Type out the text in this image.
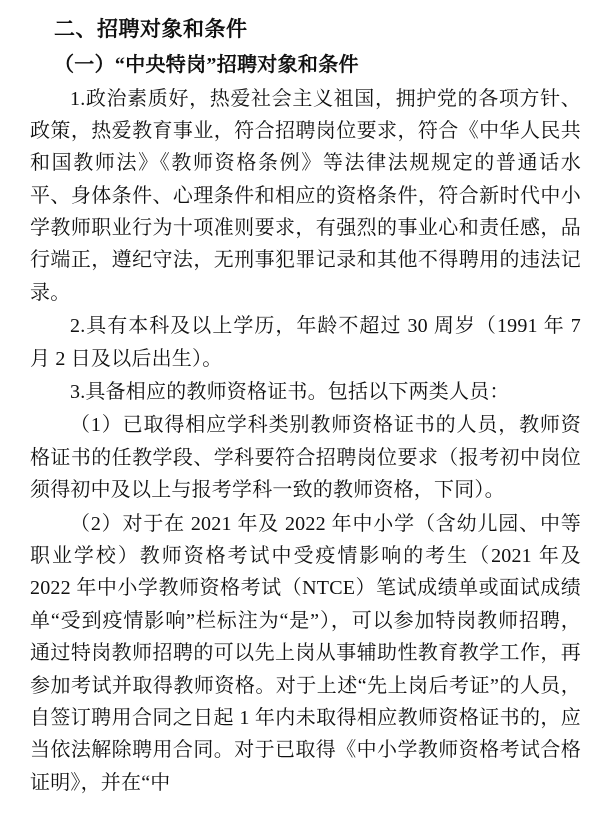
二、招聘对象和条件
（一）“中央特岗”招聘对象和条件

1.政治素质好，热爱社会主义祖国，拥护党的各项方针、政策，热爱教育事业，符合招聘岗位要求，符合《中华人民共和国教师法》《教师资格条例》等法律法规规定的普通话水平、身体条件、心理条件和相应的资格条件，符合新时代中小学教师职业行为十项准则要求，有强烈的事业心和责任感，品行端正，遵纪守法，无刑事犯罪记录和其他不得聘用的违法记录。

2.具有本科及以上学历，年龄不超过 30 周岁（1991 年 7 月 2 日及以后出生）。

3.具备相应的教师资格证书。包括以下两类人员：

（1）已取得相应学科类别教师资格证书的人员，教师资格证书的任教学段、学科要符合招聘岗位要求（报考初中岗位须得初中及以上与报考学科一致的教师资格，下同）。

（2）对于在 2021 年及 2022 年中小学（含幼儿园、中等职业学校）教师资格考试中受疫情影响的考生（2021 年及 2022 年中小学教师资格考试（NTCE）笔试成绩单或面试成绩单“受到疫情影响”栏标注为“是”），可以参加特岗教师招聘，通过特岗教师招聘的可以先上岗从事辅助性教育教学工作，再参加考试并取得教师资格。对于上述“先上岗后考证”的人员，自签订聘用合同之日起 1 年内未取得相应教师资格证书的，应当依法解除聘用合同。对于已取得《中小学教师资格考试合格证明》，并在“中
